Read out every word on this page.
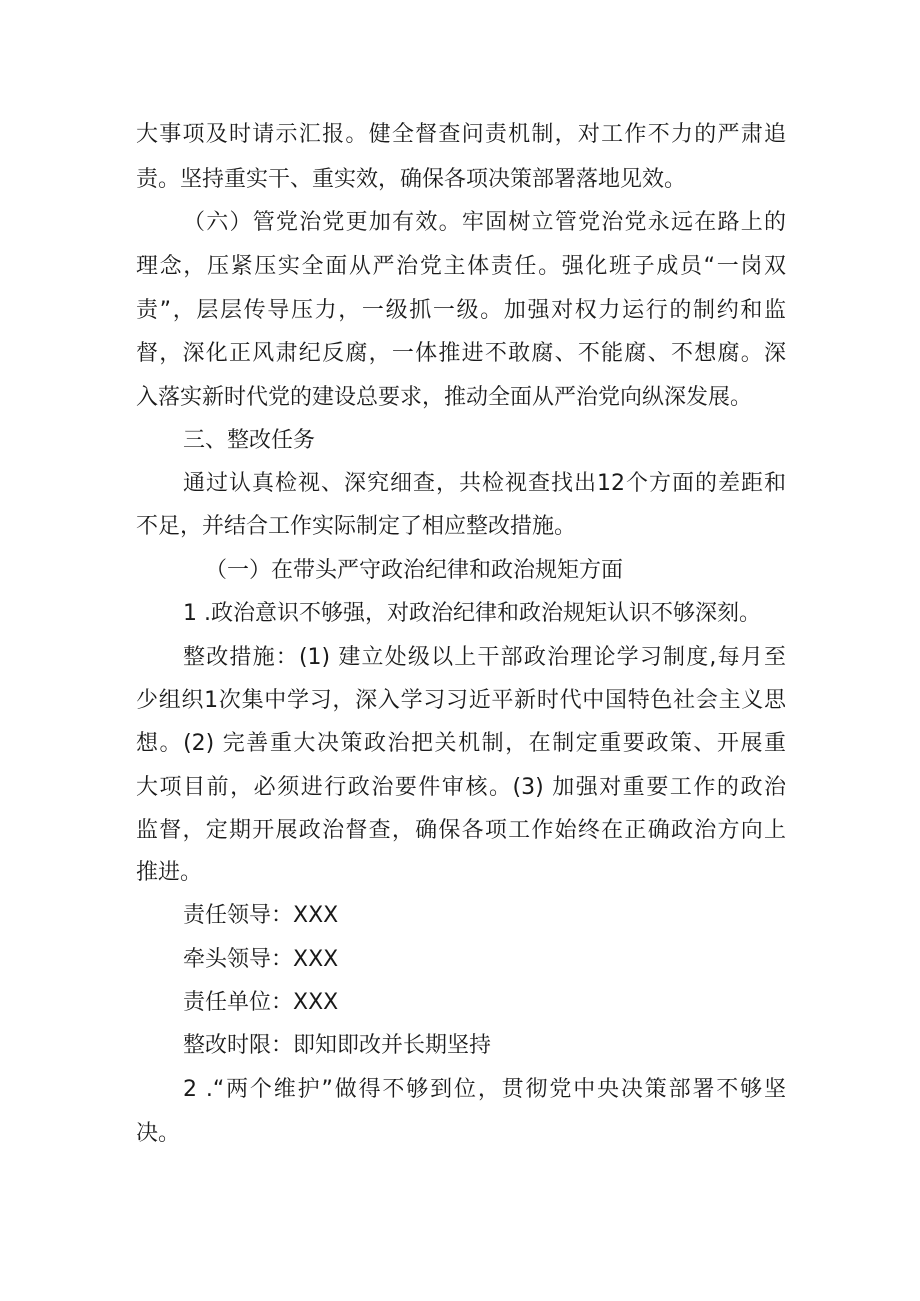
大事项及时请示汇报。健全督查问责机制，对工作不力的严肃追
责。坚持重实干、重实效，确保各项决策部署落地见效。
（六）管党治党更加有效。牢固树立管党治党永远在路上的
理念，压紧压实全面从严治党主体责任。强化班子成员“一岗双
责”，层层传导压力，一级抓一级。加强对权力运行的制约和监
督，深化正风肃纪反腐，一体推进不敢腐、不能腐、不想腐。深
入落实新时代党的建设总要求，推动全面从严治党向纵深发展。
三、整改任务
通过认真检视、深究细查，共检视查找出12个方面的差距和
不足，并结合工作实际制定了相应整改措施。
（一）在带头严守政治纪律和政治规矩方面
1 .政治意识不够强，对政治纪律和政治规矩认识不够深刻。
整改措施：(1) 建立处级以上干部政治理论学习制度,每月至
少组织1次集中学习，深入学习习近平新时代中国特色社会主义思
想。(2) 完善重大决策政治把关机制，在制定重要政策、开展重
大项目前，必须进行政治要件审核。(3) 加强对重要工作的政治
监督，定期开展政治督查，确保各项工作始终在正确政治方向上
推进。
责任领导：XXX
牵头领导：XXX
责任单位：XXX
整改时限：即知即改并长期坚持
2 .“两个维护”做得不够到位，贯彻党中央决策部署不够坚
决。
